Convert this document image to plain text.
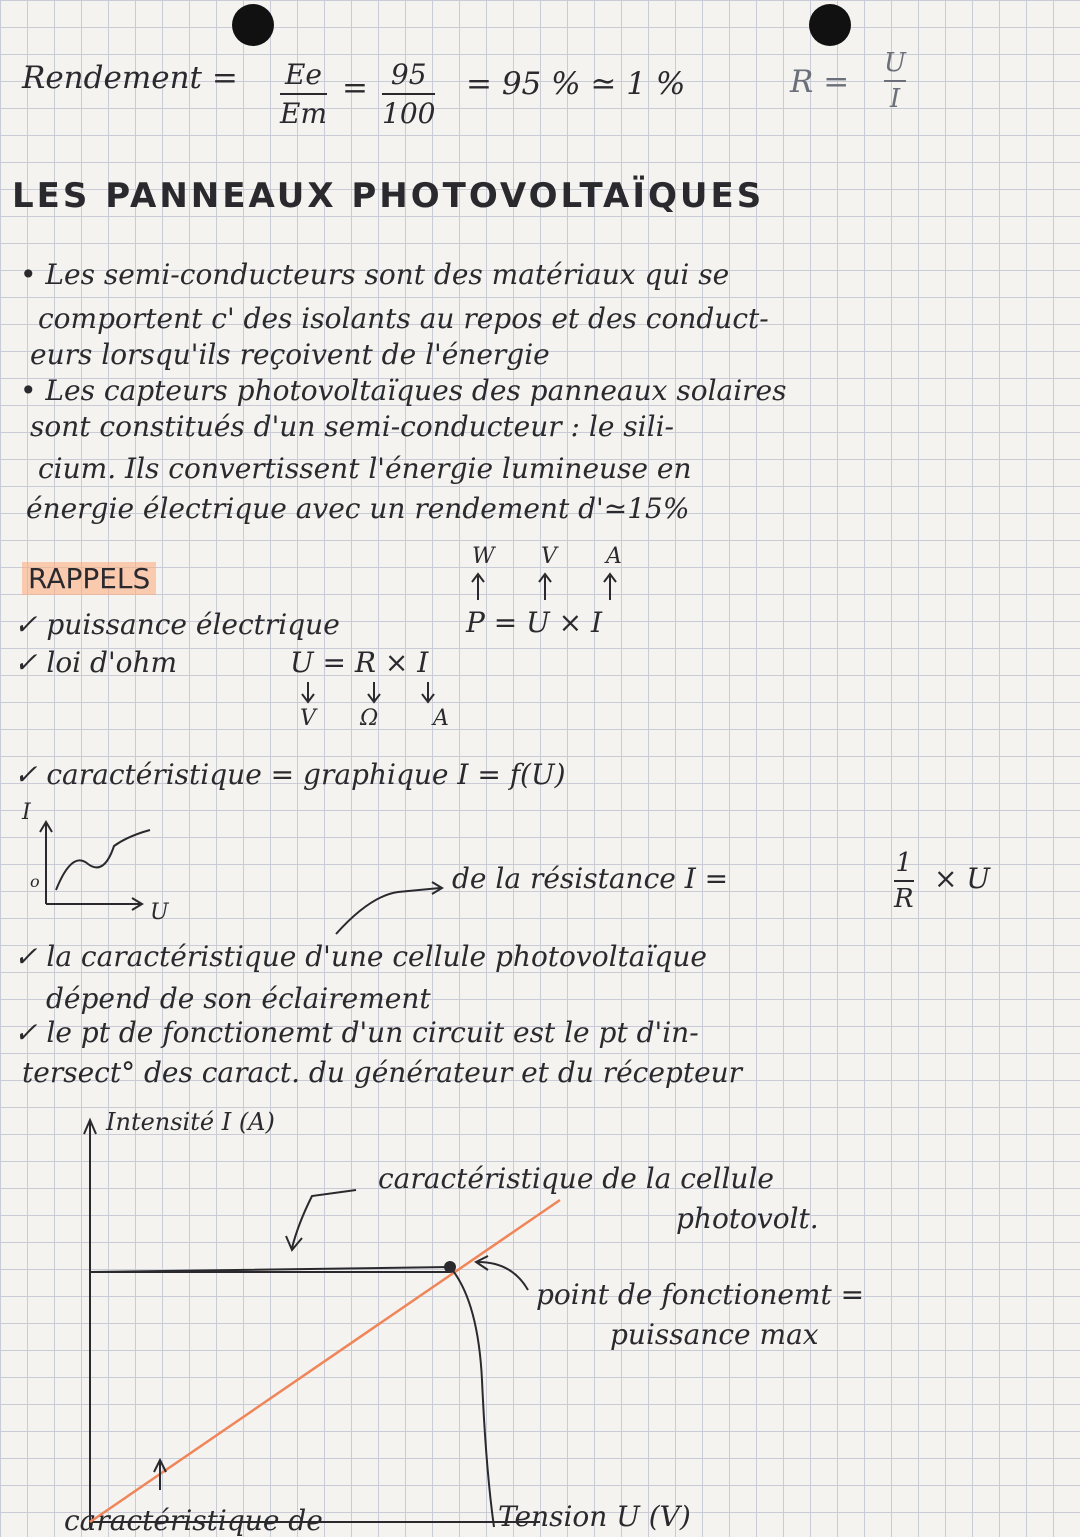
Rendement = Ee
Em
= 95
100
= 95 % ≃ 1 %	R =
U
I
LES PANNEAUX PHOTOVOLTAÏQUES
• Les semi-conducteurs sont des matériaux qui se
comportent c' des isolants au repos et des conduct-
eurs lorsqu'ils reçoivent de l'énergie
• Les capteurs photovoltaïques des panneaux solaires
sont constitués d'un semi-conducteur : le sili-
cium. Ils convertissent l'énergie lumineuse en
énergie électrique avec un rendement d'≃15%
RAPPELS
W V A
✓ puissance électrique	P = U × I
✓ loi d'ohm	U = R × I
V Ω A
✓ caractéristique = graphique I = f(U)
I
o
U
de la résistance I =	1
R
× U
✓ la caractéristique d'une cellule photovoltaïque
dépend de son éclairement
✓ le pt de fonctionemt d'un circuit est le pt d'in-
tersect° des caract. du générateur et du récepteur
Intensité I (A)
caractéristique de la cellule
photovolt.
point de fonctionemt =
puissance max
caractéristique de	Tension U (V)
